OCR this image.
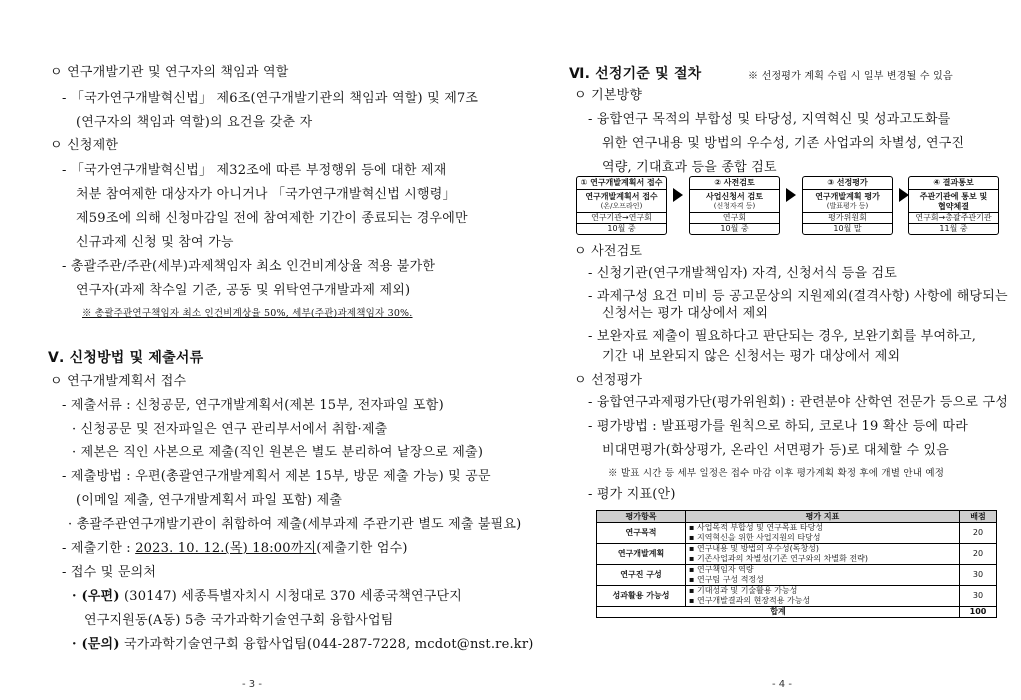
ㅇ 연구개발기관 및 연구자의 책임과 역할
- 「국가연구개발혁신법」 제6조(연구개발기관의 책임과 역할) 및 제7조
(연구자의 책임과 역할)의 요건을 갖춘 자
ㅇ 신청제한
- 「국가연구개발혁신법」 제32조에 따른 부정행위 등에 대한 제재
처분 참여제한 대상자가 아니거나 「국가연구개발혁신법 시행령」
제59조에 의해 신청마감일 전에 참여제한 기간이 종료되는 경우에만
신규과제 신청 및 참여 가능
- 총괄주관/주관(세부)과제책임자 최소 인건비계상율 적용 불가한
연구자(과제 착수일 기준, 공동 및 위탁연구개발과제 제외)
※ 총괄주관연구책임자 최소 인건비계상율 50%, 세부(주관)과제책임자 30%.
Ⅴ. 신청방법 및 제출서류
ㅇ 연구개발계획서 접수
- 제출서류 : 신청공문, 연구개발계획서(제본 15부, 전자파일 포함)
· 신청공문 및 전자파일은 연구 관리부서에서 취합·제출
· 제본은 직인 사본으로 제출(직인 원본은 별도 분리하여 낱장으로 제출)
- 제출방법 : 우편(총괄연구개발계획서 제본 15부, 방문 제출 가능) 및 공문
(이메일 제출, 연구개발계획서 파일 포함) 제출
· 총괄주관연구개발기관이 취합하여 제출(세부과제 주관기관 별도 제출 불필요)
- 제출기한 : 2023. 10. 12.(목) 18:00까지(제출기한 엄수)
- 접수 및 문의처
· (우편) (30147) 세종특별자치시 시청대로 370 세종국책연구단지
연구지원동(A동) 5층 국가과학기술연구회 융합사업팀
· (문의) 국가과학기술연구회 융합사업팀(044-287-7228, mcdot@nst.re.kr)
- 3 -
Ⅵ. 선정기준 및 절차	※ 선정평가 계획 수립 시 일부 변경될 수 있음
ㅇ 기본방향
- 융합연구 목적의 부합성 및 타당성, 지역혁신 및 성과고도화를
위한 연구내용 및 방법의 우수성, 기존 사업과의 차별성, 연구진
역량, 기대효과 등을 종합 검토
① 연구개발계획서 접수
연구개발계획서 접수
(온/오프라인)
연구기관→연구회
10월 중
② 사전검토
사업신청서 검토
(신청자격 등)
연구회
10월 중
③ 선정평가
연구개발계획 평가
(발표평가 등)
평가위원회
10월 말
④ 결과통보
주관기관에 통보 및
협약체결
연구회→총괄주관기관
11월 중
ㅇ 사전검토
- 신청기관(연구개발책임자) 자격, 신청서식 등을 검토
- 과제구성 요건 미비 등 공고문상의 지원제외(결격사항) 사항에 해당되는
신청서는 평가 대상에서 제외
- 보완자료 제출이 필요하다고 판단되는 경우, 보완기회를 부여하고,
기간 내 보완되지 않은 신청서는 평가 대상에서 제외
ㅇ 선정평가
- 융합연구과제평가단(평가위원회) : 관련분야 산학연 전문가 등으로 구성
- 평가방법 : 발표평가를 원칙으로 하되, 코로나 19 확산 등에 따라
비대면평가(화상평가, 온라인 서면평가 등)로 대체할 수 있음
※ 발표 시간 등 세부 일정은 접수 마감 이후 평가계획 확정 후에 개별 안내 예정
- 평가 지표(안)
평가항목	평가 지표	배점
연구목적	▪ 사업목적 부합성 및 연구목표 타당성
▪ 지역혁신을 위한 사업지원의 타당성	20
연구개발계획	▪ 연구내용 및 방법의 우수성(독창성)
▪ 기존사업과의 차별성(기존 연구와의 차별화 전략)	20
연구진 구성	▪ 연구책임자 역량
▪ 연구팀 구성 적정성	30
성과활용 가능성	▪ 기대성과 및 기술활용 가능성
▪ 연구개발결과의 현장적용 가능성	30
합계		100
- 4 -
